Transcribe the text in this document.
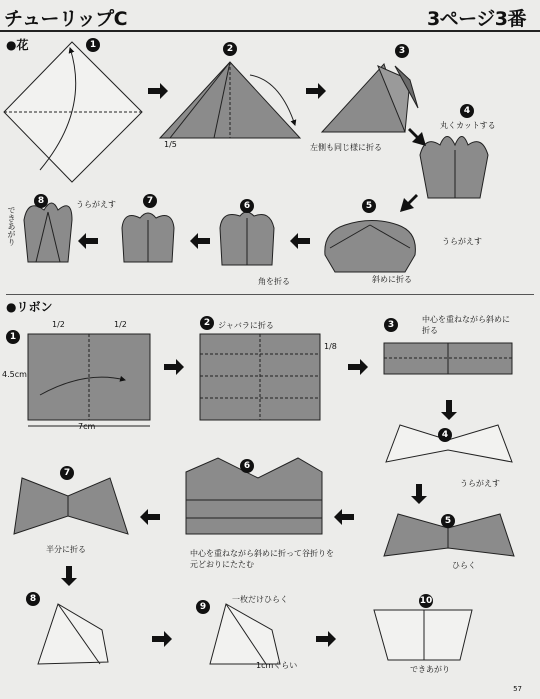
チューリップC	3ページ3番
●花
●リボン
1	2	3
4
5
6
7
8
1/5	左側も同じ様に折る
丸くカットする
うらがえす
斜めに折る
角を折る
うらがえす
できあがり
1
2	3
4
5
6
7
8
9
10
1/2	1/2
4.5cm
7cm
ジャバラに折る
1/8
中心を重ねながら斜めに折る
うらがえす
ひらく
中心を重ねながら斜めに折って谷折りを元どおりにたたむ
半分に折る
一枚だけひらく
1cmくらい	できあがり
57
